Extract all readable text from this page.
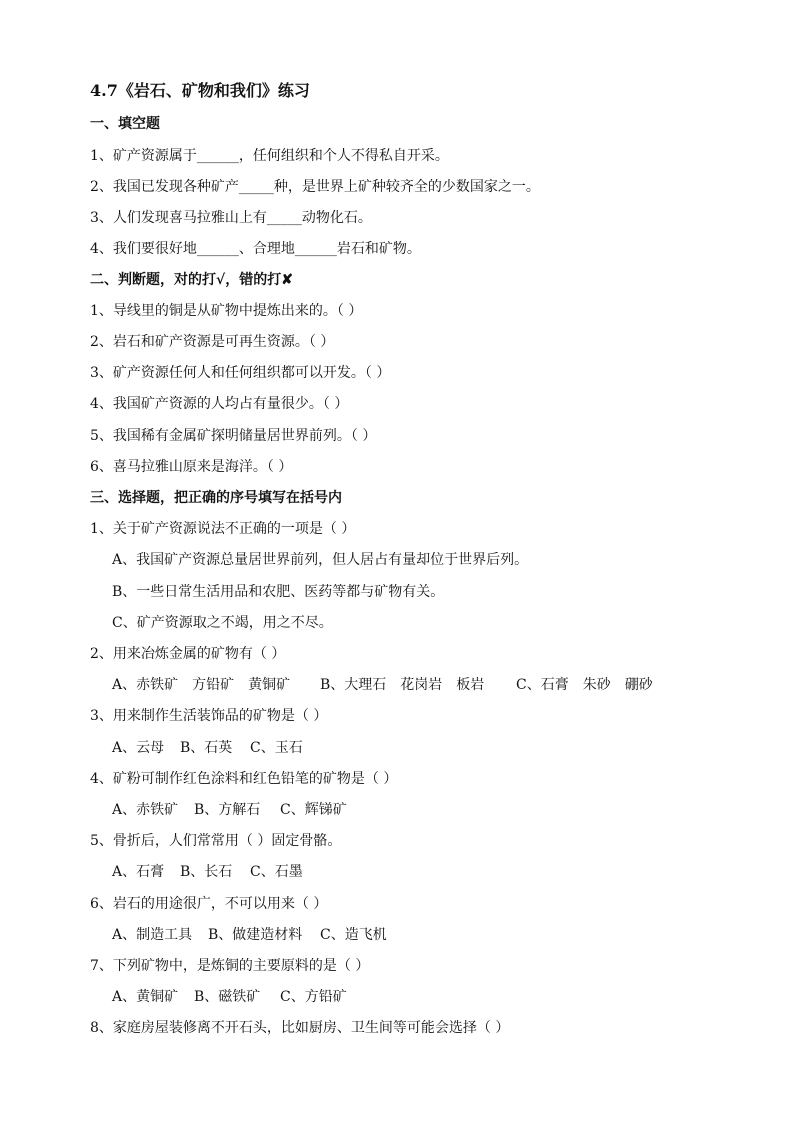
4.7《岩石、矿物和我们》练习
一、填空题
1、矿产资源属于______，任何组织和个人不得私自开采。
2、我国已发现各种矿产_____种，是世界上矿种较齐全的少数国家之一。
3、人们发现喜马拉雅山上有_____动物化石。
4、我们要很好地______、合理地______岩石和矿物。
二、判断题，对的打√，错的打✘
1、导线里的铜是从矿物中提炼出来的。（ ）
2、岩石和矿产资源是可再生资源。（ ）
3、矿产资源任何人和任何组织都可以开发。（ ）
4、我国矿产资源的人均占有量很少。（ ）
5、我国稀有金属矿探明储量居世界前列。（ ）
6、喜马拉雅山原来是海洋。（ ）
三、选择题，把正确的序号填写在括号内
1、关于矿产资源说法不正确的一项是（ ）
A、我国矿产资源总量居世界前列，但人居占有量却位于世界后列。
B、一些日常生活用品和农肥、医药等都与矿物有关。
C、矿产资源取之不竭，用之不尽。
2、用来冶炼金属的矿物有（ ）
A、赤铁矿　方铅矿　黄铜矿 B、大理石　花岗岩　板岩 C、石膏　朱砂　硼砂
3、用来制作生活装饰品的矿物是（ ）
A、云母 B、石英 C、玉石
4、矿粉可制作红色涂料和红色铅笔的矿物是（ ）
A、赤铁矿 B、方解石 C、辉锑矿
5、骨折后，人们常常用（ ）固定骨骼。
A、石膏 B、长石 C、石墨
6、岩石的用途很广，不可以用来（ ）
A、制造工具 B、做建造材料 C、造飞机
7、下列矿物中，是炼铜的主要原料的是（ ）
A、黄铜矿 B、磁铁矿 C、方铅矿
8、家庭房屋装修离不开石头，比如厨房、卫生间等可能会选择（ ）
